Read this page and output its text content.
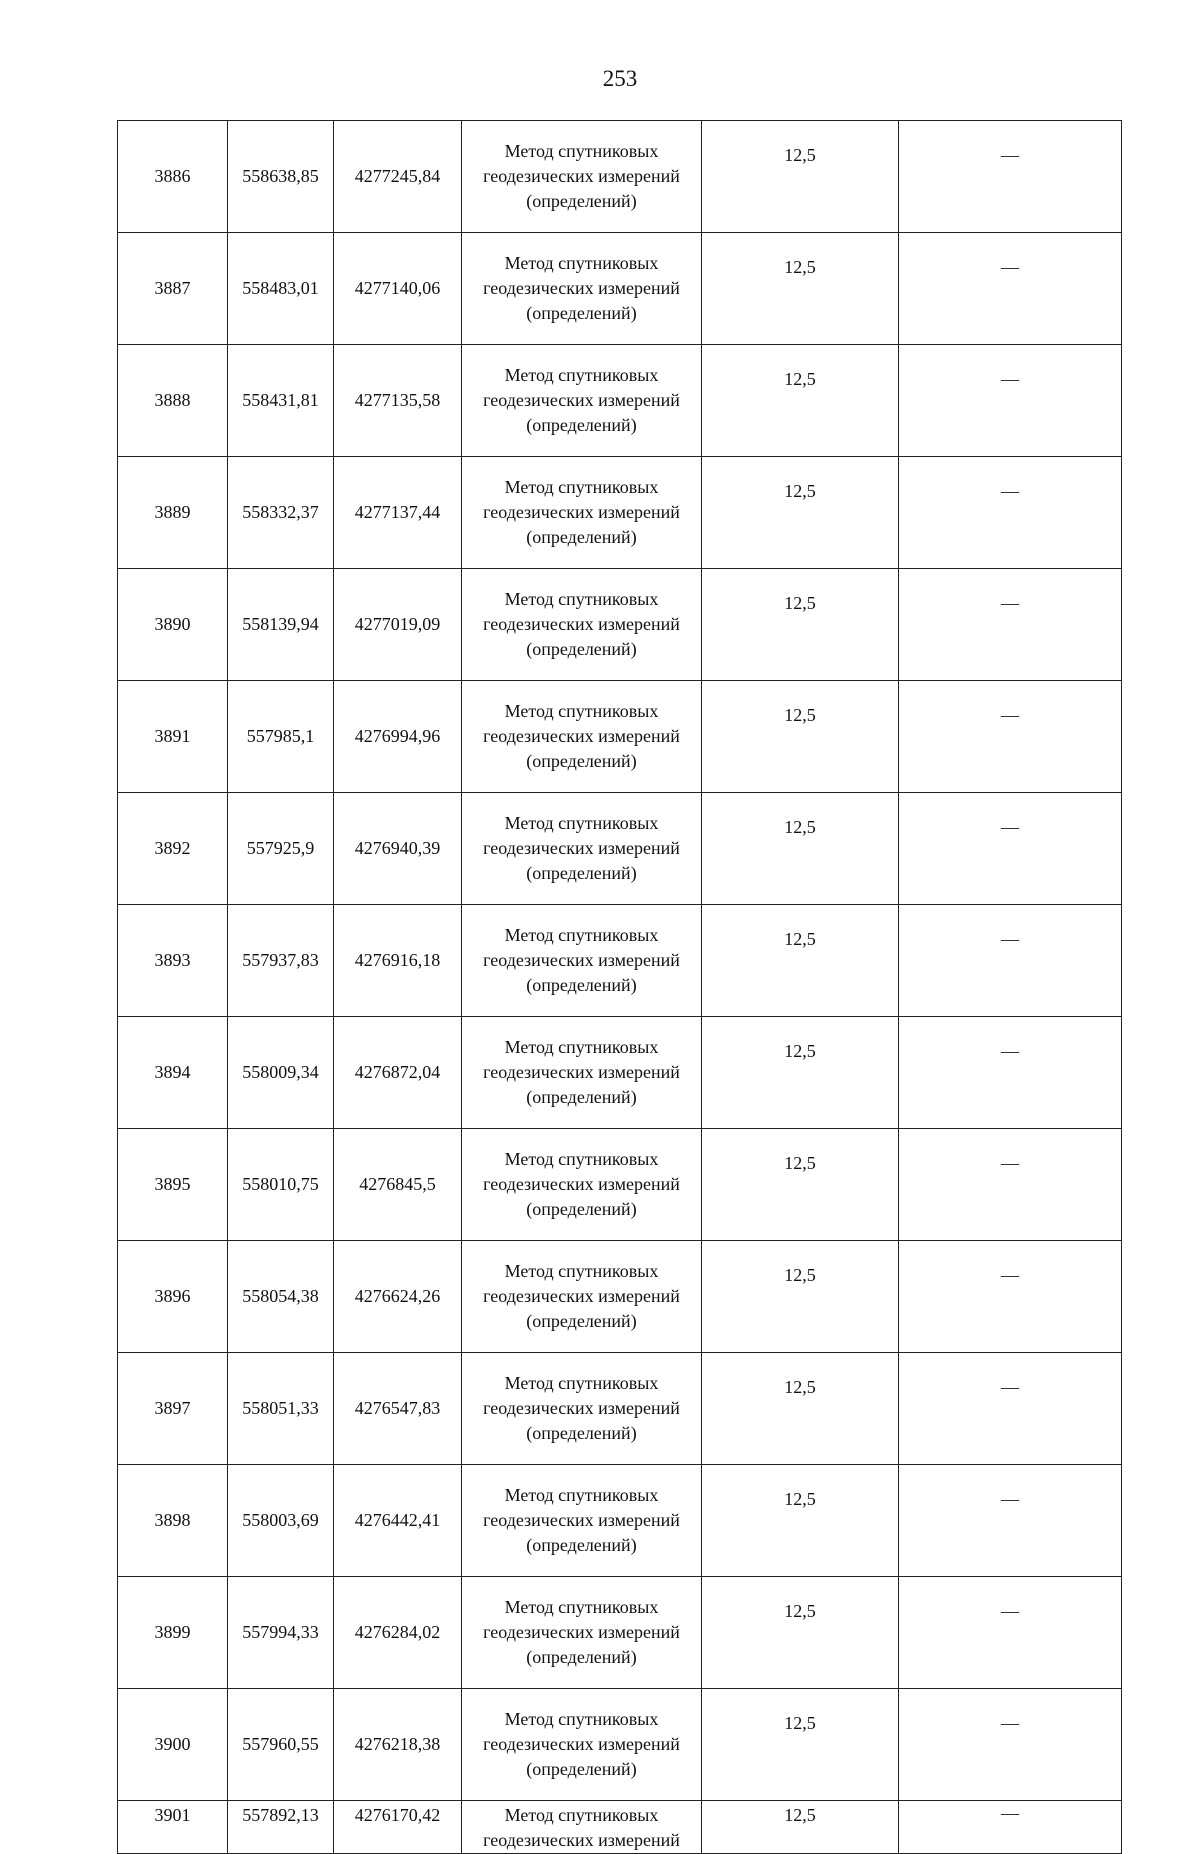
253
3886	558638,85	4277245,84	Метод спутниковых
геодезических измерений
(определений)	12,5	—
3887	558483,01	4277140,06	Метод спутниковых
геодезических измерений
(определений)	12,5	—
3888	558431,81	4277135,58	Метод спутниковых
геодезических измерений
(определений)	12,5	—
3889	558332,37	4277137,44	Метод спутниковых
геодезических измерений
(определений)	12,5	—
3890	558139,94	4277019,09	Метод спутниковых
геодезических измерений
(определений)	12,5	—
3891	557985,1	4276994,96	Метод спутниковых
геодезических измерений
(определений)	12,5	—
3892	557925,9	4276940,39	Метод спутниковых
геодезических измерений
(определений)	12,5	—
3893	557937,83	4276916,18	Метод спутниковых
геодезических измерений
(определений)	12,5	—
3894	558009,34	4276872,04	Метод спутниковых
геодезических измерений
(определений)	12,5	—
3895	558010,75	4276845,5	Метод спутниковых
геодезических измерений
(определений)	12,5	—
3896	558054,38	4276624,26	Метод спутниковых
геодезических измерений
(определений)	12,5	—
3897	558051,33	4276547,83	Метод спутниковых
геодезических измерений
(определений)	12,5	—
3898	558003,69	4276442,41	Метод спутниковых
геодезических измерений
(определений)	12,5	—
3899	557994,33	4276284,02	Метод спутниковых
геодезических измерений
(определений)	12,5	—
3900	557960,55	4276218,38	Метод спутниковых
геодезических измерений
(определений)	12,5	—
3901	557892,13	4276170,42	Метод спутниковых
геодезических измерений	12,5	—
